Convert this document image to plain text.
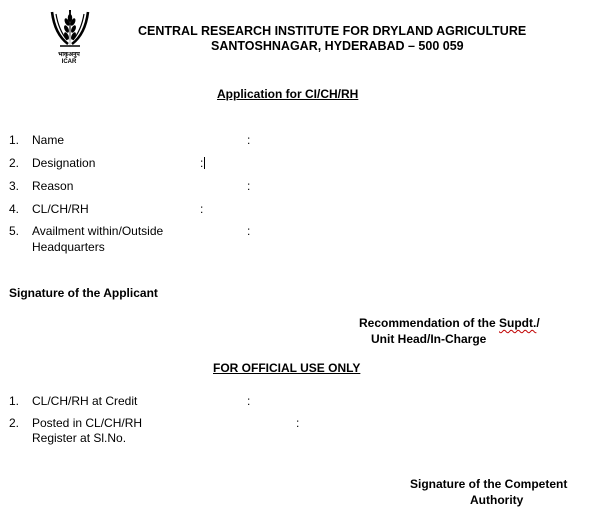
भाकृअनुप
ICAR
CENTRAL RESEARCH INSTITUTE FOR DRYLAND AGRICULTURE
SANTOSHNAGAR, HYDERABAD – 500 059
Application for CI/CH/RH
1. Name	:
2. Designation	:
3. Reason	:
4. CL/CH/RH	:
5. Availment within/Outside
Headquarters
:
Signature of the Applicant
Recommendation of the Supdt./
Unit Head/In-Charge
FOR OFFICIAL USE ONLY
1. CL/CH/RH at Credit	:
2. Posted in CL/CH/RH
Register at Sl.No.
:
Signature of the Competent
Authority
